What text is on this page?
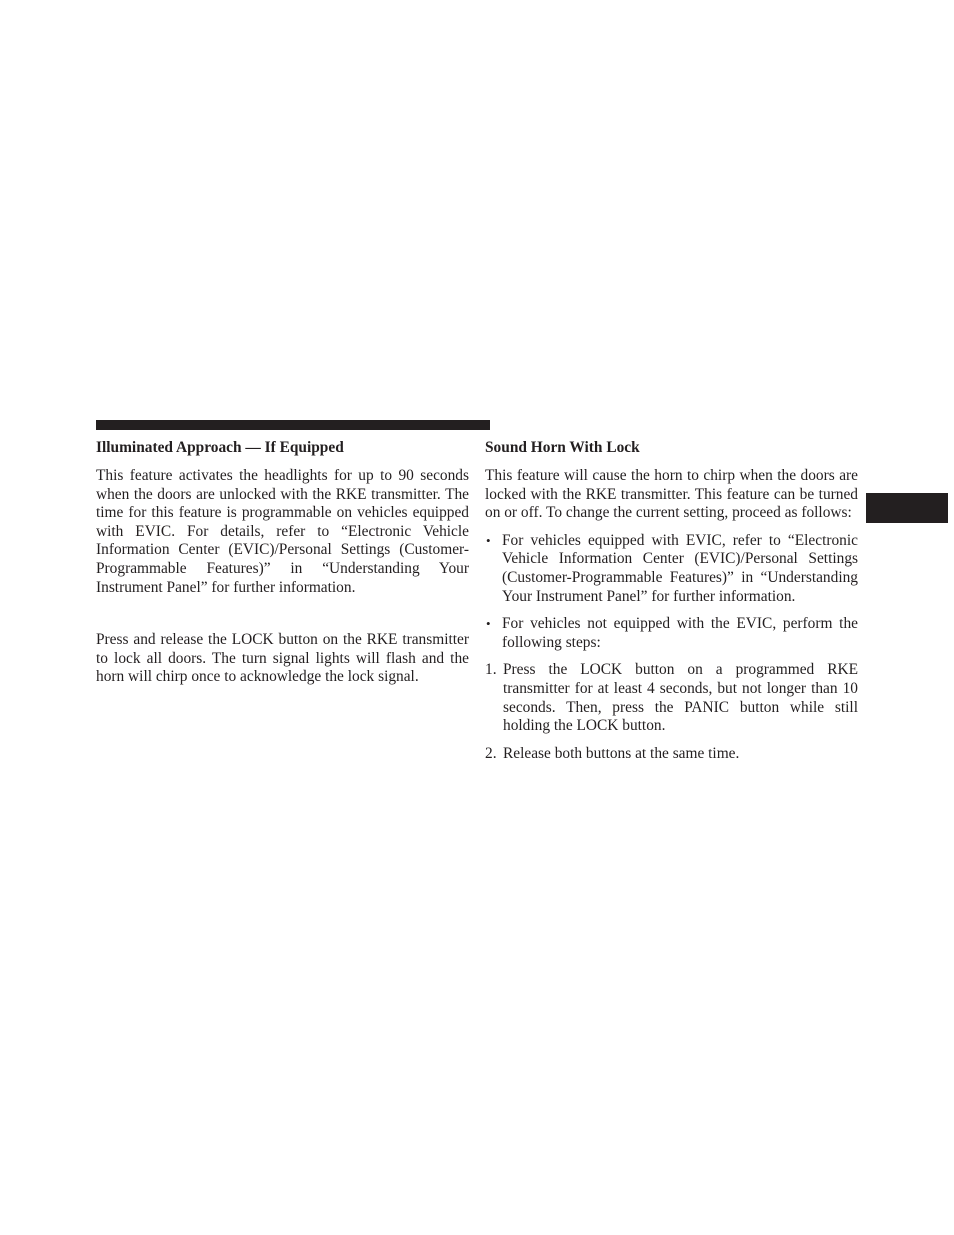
Illuminated Approach — If Equipped

This feature activates the headlights for up to 90 seconds when the doors are unlocked with the RKE transmitter. The time for this feature is programmable on vehicles equipped with EVIC. For details, refer to “Electronic Vehicle Information Center (EVIC)/Personal Settings (Customer-Programmable Features)” in “Understanding Your Instrument Panel” for further information.

Press and release the LOCK button on the RKE transmitter to lock all doors. The turn signal lights will flash and the horn will chirp once to acknowledge the lock signal.

Sound Horn With Lock

This feature will cause the horn to chirp when the doors are locked with the RKE transmitter. This feature can be turned on or off. To change the current setting, proceed as follows:

• For vehicles equipped with EVIC, refer to “Electronic Vehicle Information Center (EVIC)/Personal Settings (Customer-Programmable Features)” in “Understanding Your Instrument Panel” for further information.
• For vehicles not equipped with the EVIC, perform the following steps:
1. Press the LOCK button on a programmed RKE transmitter for at least 4 seconds, but not longer than 10 seconds. Then, press the PANIC button while still holding the LOCK button.
2. Release both buttons at the same time.
